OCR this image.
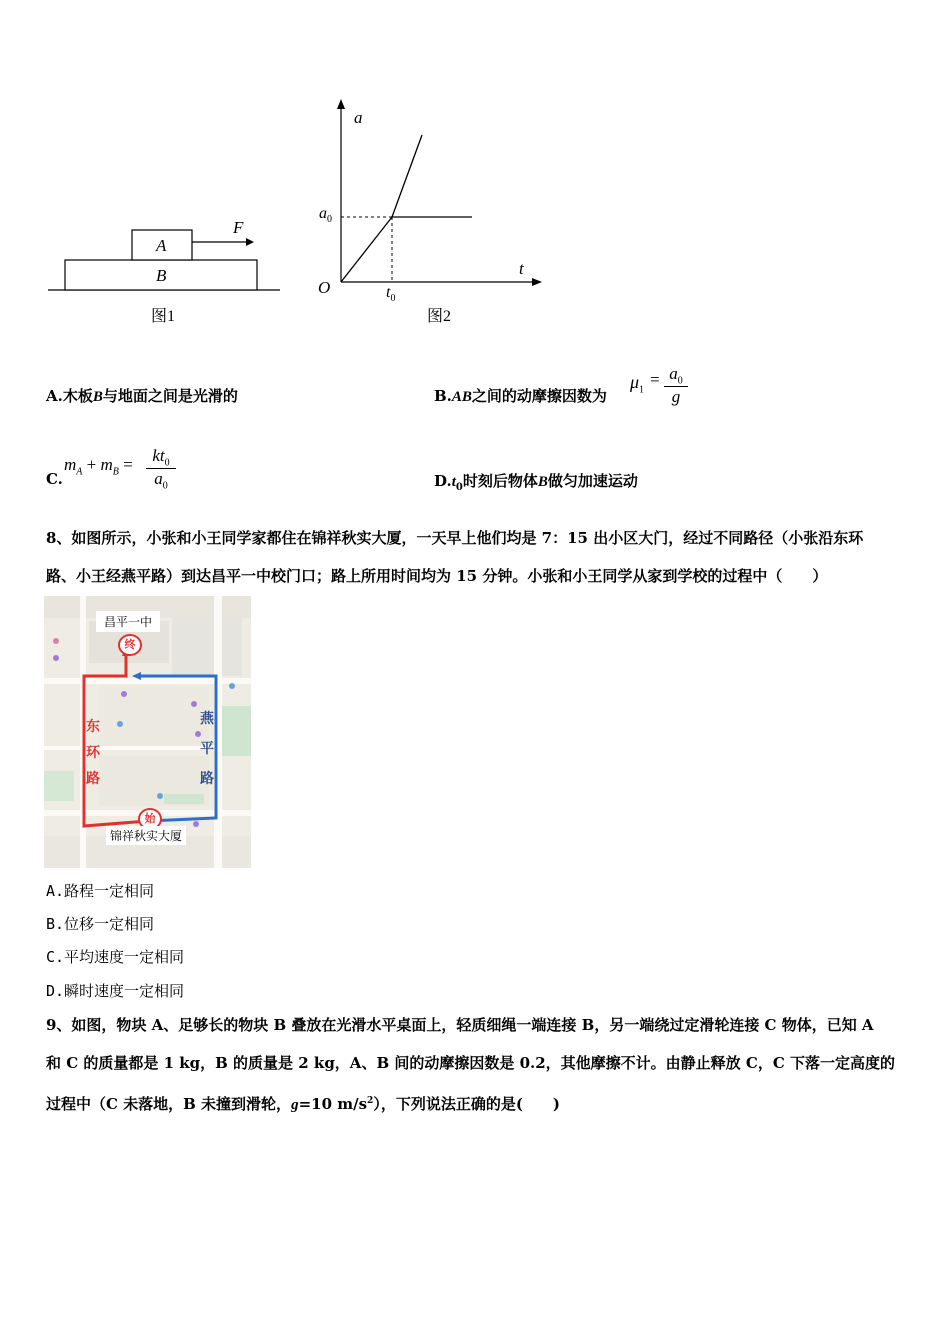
A
B
F
图1
a
t
O
$a_0$
$t_0$
图2
A.木板B与地面之间是光滑的	B.AB之间的动摩擦因数为
$\mu_1$
= $\frac{a_0}{g}$
C.
$m_A + m_B = \frac{kt_0}{a_0}$	$D.t_0$时刻后物体B做匀加速运动
8、如图所示，小张和小王同学家都住在锦祥秋实大厦，一天早上他们均是 7：15 出小区大门，经过不同路径（小张沿东环
路、小王经燕平路）到达昌平一中校门口；路上所用时间均为 15 分钟。小张和小王同学从家到学校的过程中（　　）
昌平一中
终
始
锦祥秋实大厦
东
环
路
燕
平
路
A.路程一定相同
B.位移一定相同
C.平均速度一定相同
D.瞬时速度一定相同
9、如图，物块 A、足够长的物块 B 叠放在光滑水平桌面上，轻质细绳一端连接 B，另一端绕过定滑轮连接 C 物体，已知 A
和 C 的质量都是 1 kg，B 的质量是 2 kg，A、B 间的动摩擦因数是 0.2，其他摩擦不计。由静止释放 C，C 下落一定高度的
过程中（C 未落地，B 未撞到滑轮，g=10 $m/s^2$），下列说法正确的是(　　)
